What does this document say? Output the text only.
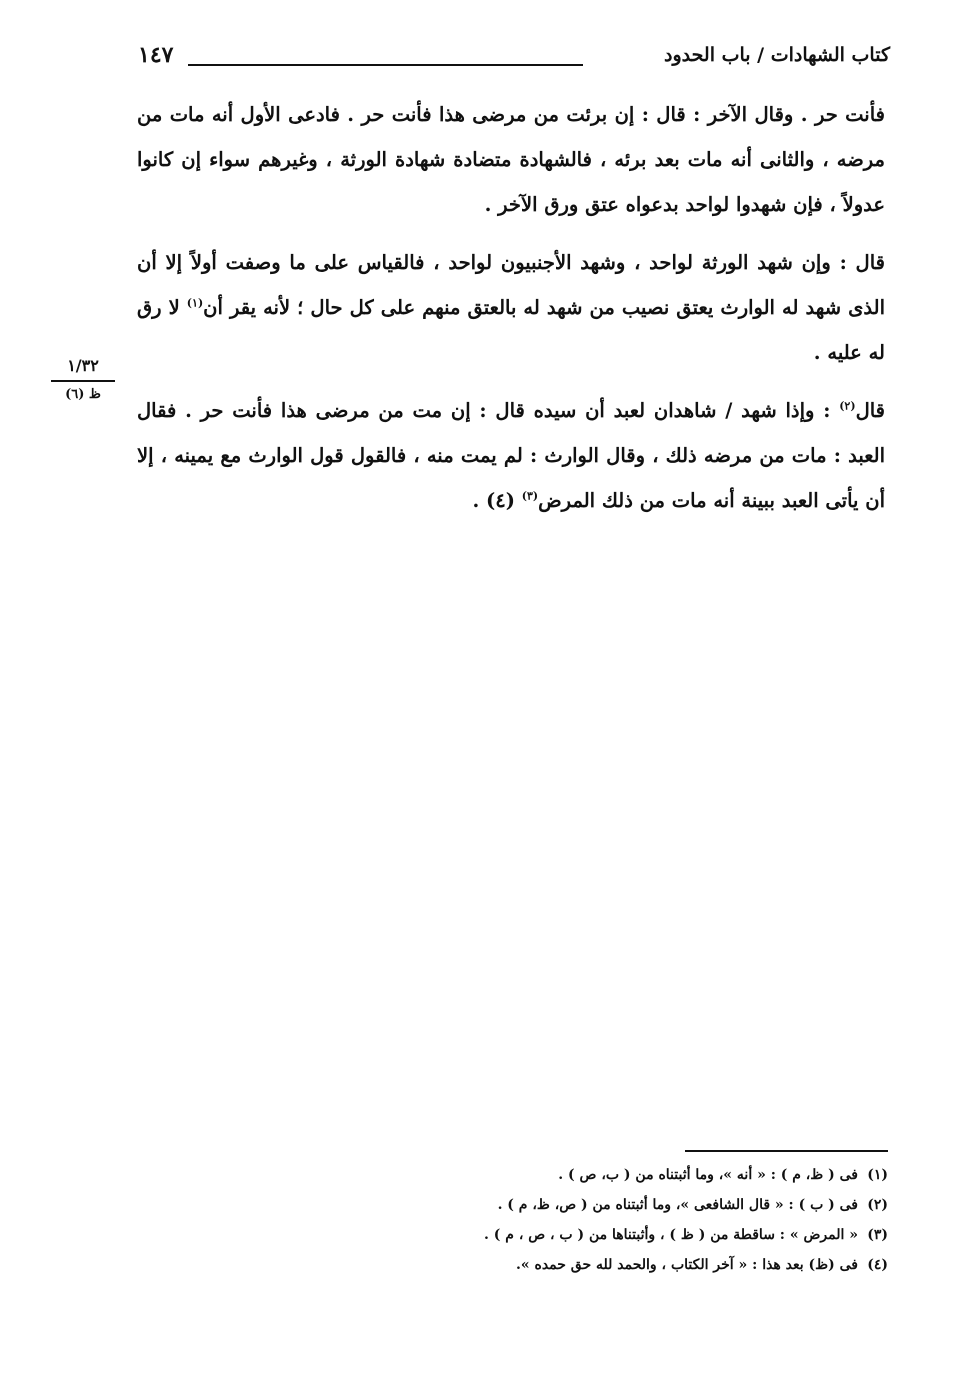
١٤٧	كتاب الشهادات / باب الحدود

فأنت حر . وقال الآخر : قال : إن برئت من مرضى هذا فأنت حر . فادعى الأول أنه مات من مرضه ، والثانى أنه مات بعد برئه ، فالشهادة متضادة شهادة الورثة ، وغيرهم سواء إن كانوا عدولاً ، فإن شهدوا لواحد بدعواه عتق ورق الآخر .

قال : وإن شهد الورثة لواحد ، وشهد الأجنبيون لواحد ، فالقياس على ما وصفت أولاً إلا أن الذى شهد له الوارث يعتق نصيب من شهد له بالعتق منهم على كل حال ؛ لأنه يقر أن$^{(١)}$ لا رق له عليه .

قال$^{(٢)}$ : وإذا شهد / شاهدان لعبد أن سيده قال : إن مت من مرضى هذا فأنت حر . فقال العبد : مات من مرضه ذلك ، وقال الوارث : لم يمت منه ، فالقول قول الوارث مع يمينه ، إلا أن يأتى العبد ببينة أنه مات من ذلك المرض$^{(٣)}$ (٤) .

١/٣٢
ظ (٦)
(١)
فى ( ظ، م ) : « أنه »، وما أثبتناه من ( ب، ص ) .
(٢)
فى ( ب ) : « قال الشافعى »، وما أثبتناه من ( ص، ظ، م ) .
(٣)
« المرض » : ساقطة من ( ظ ) ، وأثبتناها من ( ب ، ص ، م ) .
(٤)
فى (ظ) بعد هذا : « آخر الكتاب ، والحمد لله حق حمده ».
